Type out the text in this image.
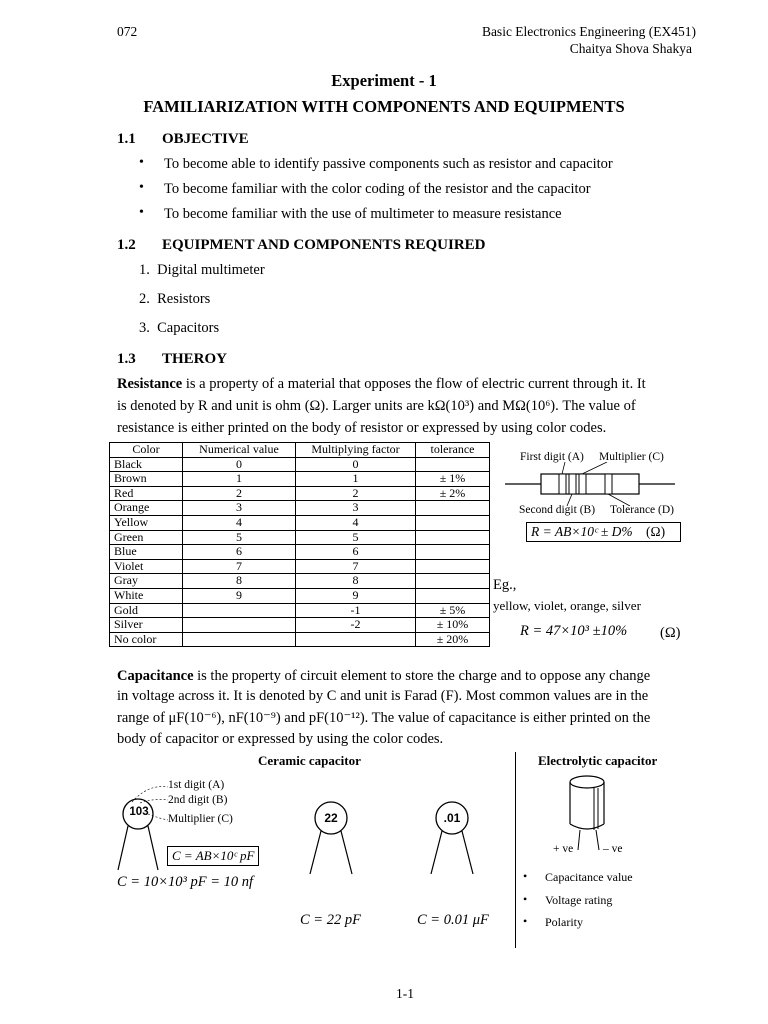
072	Basic Electronics Engineering (EX451)
Chaitya Shova Shakya
Experiment - 1
FAMILIARIZATION WITH COMPONENTS AND EQUIPMENTS
1.1 OBJECTIVE
• To become able to identify passive components such as resistor and capacitor
• To become familiar with the color coding of the resistor and the capacitor
• To become familiar with the use of multimeter to measure resistance
1.2 EQUIPMENT AND COMPONENTS REQUIRED
1.  Digital multimeter
2.  Resistors
3.  Capacitors
1.3 THEROY
Resistance is a property of a material that opposes the flow of electric current through it. It
is denoted by R and unit is ohm (Ω). Larger units are kΩ(10³) and MΩ(10⁶). The value of
resistance is either printed on the body of resistor or expressed by using color codes.
Color	Numerical value	Multiplying factor	tolerance
Black	0	0	
Brown	1	1	± 1%
Red	2	2	± 2%
Orange	3	3	
Yellow	4	4	
Green	5	5	
Blue	6	6	
Violet	7	7	
Gray	8	8	
White	9	9	
Gold		-1	± 5%
Silver		-2	± 10%
No color			± 20%
First digit (A) Multiplier (C)
Second digit (B) Tolerance (D)
R = AB×10ᶜ ± D% (Ω)
Eg.,
yellow, violet, orange, silver
R = 47×10³ ±10% (Ω)
Capacitance is the property of circuit element to store the charge and to oppose any change
in voltage across it. It is denoted by C and unit is Farad (F). Most common values are in the
range of μF(10⁻⁶), nF(10⁻⁹) and pF(10⁻¹²). The value of capacitance is either printed on the
body of capacitor or expressed by using the color codes.
Ceramic capacitor	Electrolytic capacitor
103
1st digit (A)
2nd digit (B)
Multiplier (C)
C = AB×10ᶜ pF
C = 10×10³ pF = 10 nf
22
C = 22 pF
.01
C = 0.01 μF
+ ve	– ve
• Capacitance value
• Voltage rating
• Polarity
1-1
